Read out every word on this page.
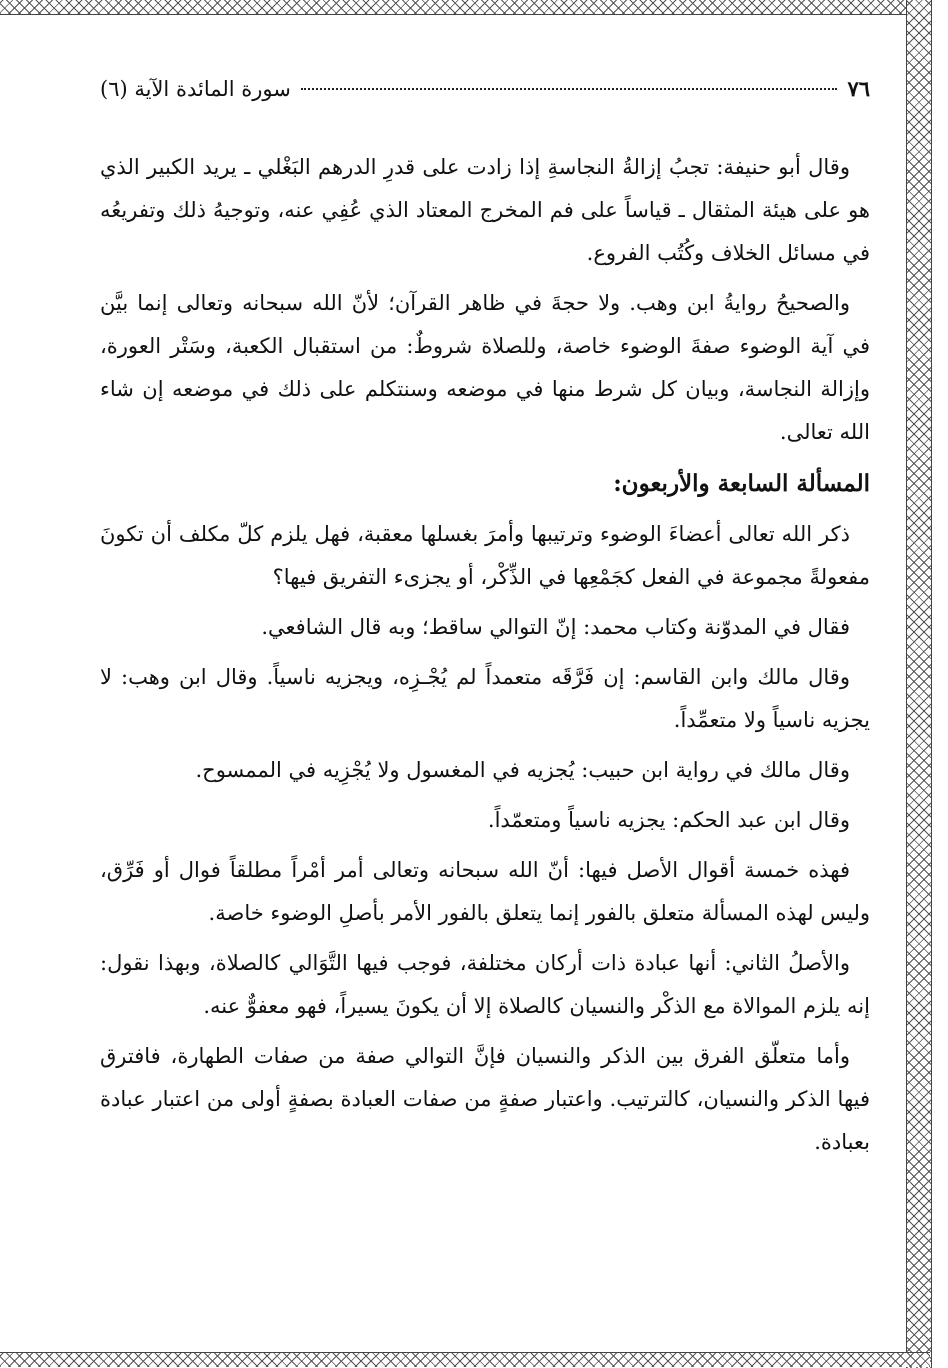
٧٦
سورة المائدة الآية (٦)

وقال أبو حنيفة: تجبُ إزالةُ النجاسةِ إذا زادت على قدرِ الدرهم البَغْلي ـ يريد الكبير الذي هو على هيئة المثقال ـ قياساً على فم المخرج المعتاد الذي عُفِي عنه، وتوجيهُ ذلك وتفريعُه في مسائل الخلاف وكُتُب الفروع.

والصحيحُ روايةُ ابن وهب. ولا حجةَ في ظاهر القرآن؛ لأنّ الله سبحانه وتعالى إنما بيَّن في آية الوضوء صفةَ الوضوء خاصة، وللصلاة شروطٌ: من استقبال الكعبة، وسَتْر العورة، وإزالة النجاسة، وبيان كل شرط منها في موضعه وسنتكلم على ذلك في موضعه إن شاء الله تعالى.

المسألة السابعة والأربعون:

ذكر الله تعالى أعضاءَ الوضوء وترتيبها وأمرَ بغسلها معقبة، فهل يلزم كلّ مكلف أن تكونَ مفعولةً مجموعة في الفعل كجَمْعِها في الذِّكْر، أو يجزىء التفريق فيها؟

فقال في المدوّنة وكتاب محمد: إنّ التوالي ساقط؛ وبه قال الشافعي.

وقال مالك وابن القاسم: إن فَرَّقَه متعمداً لم يُجْـزِه، ويجزيه ناسياً. وقال ابن وهب: لا يجزيه ناسياً ولا متعمِّداً.

وقال مالك في رواية ابن حبيب: يُجزيه في المغسول ولا يُجْزِيه في الممسوح.

وقال ابن عبد الحكم: يجزيه ناسياً ومتعمّداً.

فهذه خمسة أقوال الأصل فيها: أنّ الله سبحانه وتعالى أمر أمْراً مطلقاً فوال أو فَرِّق، وليس لهذه المسألة متعلق بالفور إنما يتعلق بالفور الأمر بأصلِ الوضوء خاصة.

والأصلُ الثاني: أنها عبادة ذات أركان مختلفة، فوجب فيها التَّوَالي كالصلاة، وبهذا نقول: إنه يلزم الموالاة مع الذكْر والنسيان كالصلاة إلا أن يكونَ يسيراً، فهو معفوٌّ عنه.

وأما متعلّق الفرق بين الذكر والنسيان فإنَّ التوالي صفة من صفات الطهارة، فافترق فيها الذكر والنسيان، كالترتيب. واعتبار صفةٍ من صفات العبادة بصفةٍ أولى من اعتبار عبادة بعبادة.
